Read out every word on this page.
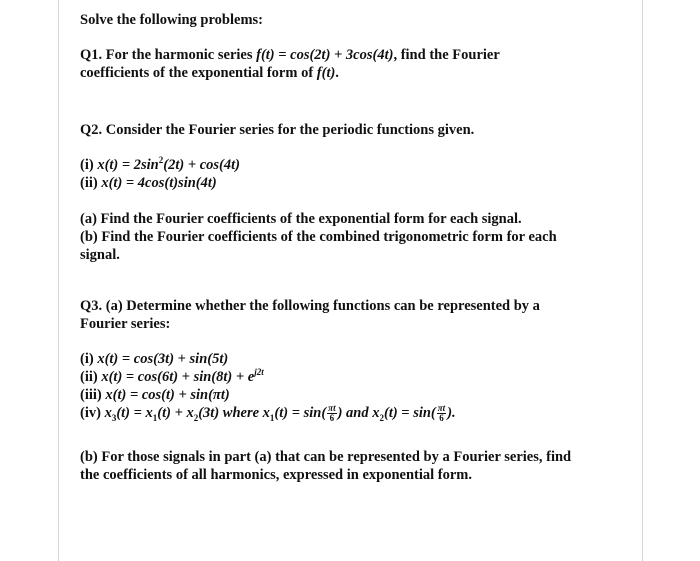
Solve the following problems:
Q1. For the harmonic series f(t) = cos(2t) + 3cos(4t), find the Fourier
coefficients of the exponential form of f(t).
Q2. Consider the Fourier series for the periodic functions given.
(i) $x(t) = 2\sin^2(2t) + \cos(4t)$
(ii) x(t) = 4cos(t)sin(4t)
(a) Find the Fourier coefficients of the exponential form for each signal.
(b) Find the Fourier coefficients of the combined trigonometric form for each
signal.
Q3. (a) Determine whether the following functions can be represented by a
Fourier series:
(i) x(t) = cos(3t) + sin(5t)
(ii) $x(t) = \cos(6t) + \sin(8t) + e^{j2t}$
(iii) x(t) = cos(t) + sin(πt)
(iv) $x_3(t) = x_1(t) + x_2(3t)$ where $x_1(t) = \sin( \frac{\pi t}{6}$ ) and $x_2(t) = \sin( \frac{\pi t}{6}$ ).
(b) For those signals in part (a) that can be represented by a Fourier series, find
the coefficients of all harmonics, expressed in exponential form.
